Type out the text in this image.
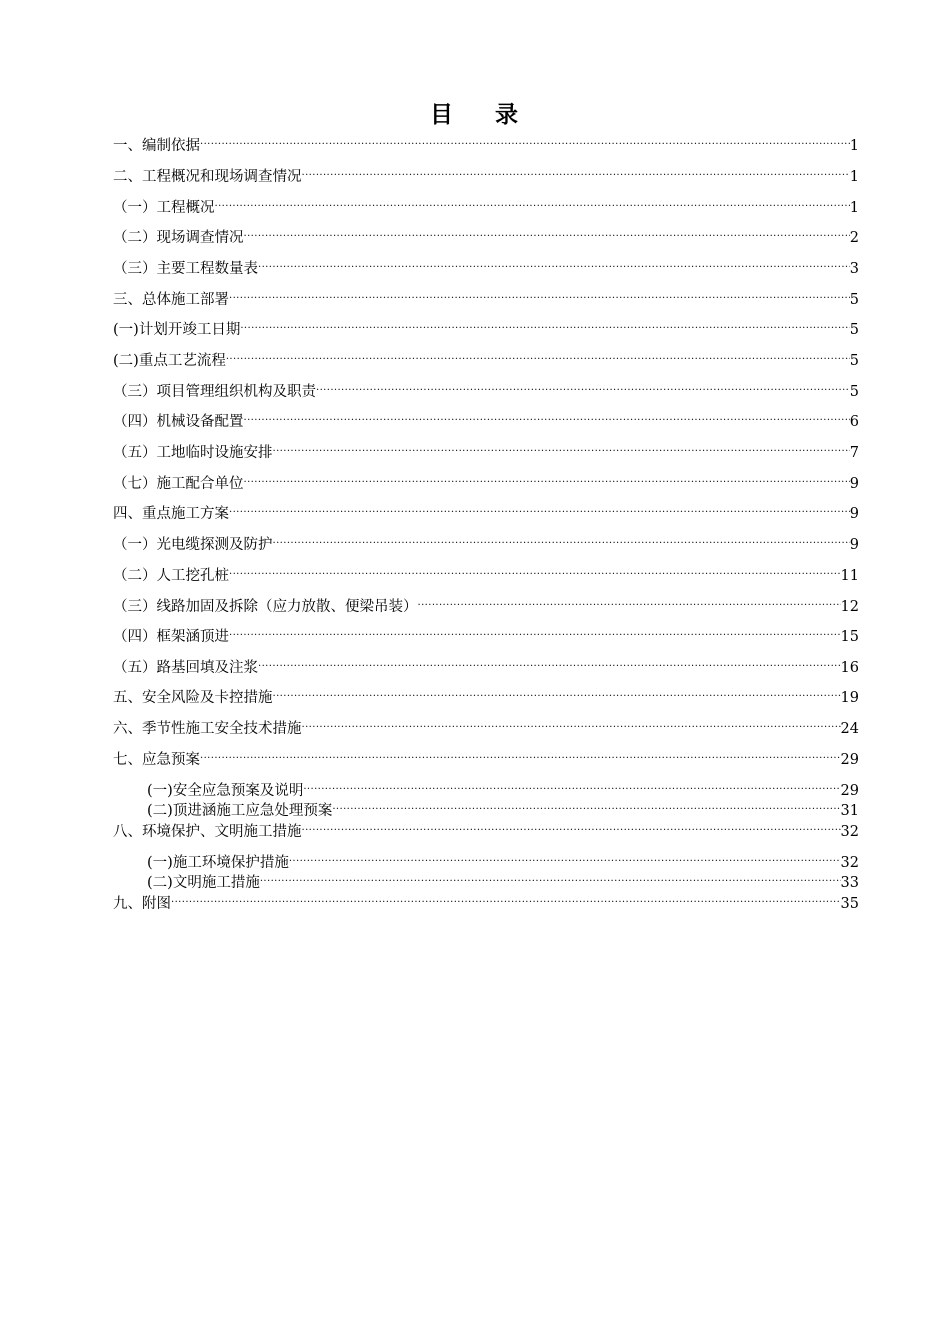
目    录
一、编制依据 .....	1
二、工程概况和现场调查情况 .....	1
（一）工程概况 .....	1
（二）现场调查情况 .....	2
（三）主要工程数量表 .....	3
三、总体施工部署 .....	5
(一)计划开竣工日期 .....	5
(二)重点工艺流程 .....	5
（三）项目管理组织机构及职责 .....	5
（四）机械设备配置 .....	6
（五）工地临时设施安排 .....	7
（七）施工配合单位 .....	9
四、重点施工方案 .....	9
（一）光电缆探测及防护 .....	9
（二）人工挖孔桩 .....	11
（三）线路加固及拆除（应力放散、便梁吊装） .....	12
（四）框架涵顶进 .....	15
（五）路基回填及注浆 .....	16
五、安全风险及卡控措施 .....	19
六、季节性施工安全技术措施 .....	24
七、应急预案 .....	29
(一)安全应急预案及说明 .....	29
(二)顶进涵施工应急处理预案 .....	31
八、环境保护、文明施工措施 .....	32
(一)施工环境保护措施 .....	32
(二)文明施工措施 .....	33
九、附图 .....	35
